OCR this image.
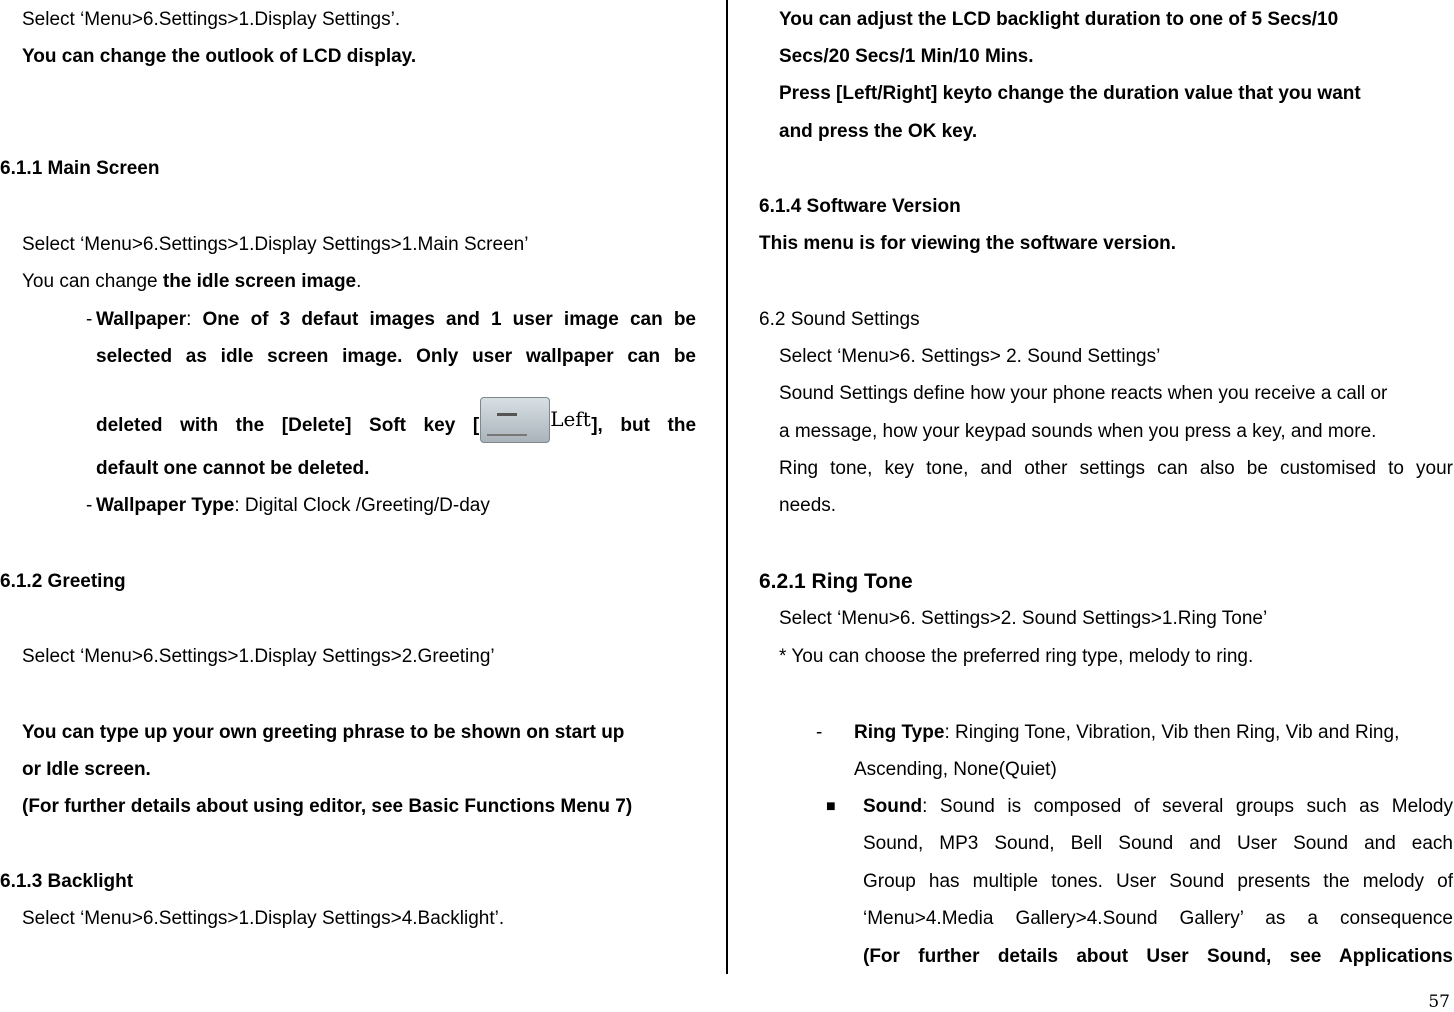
Select ‘Menu>6.Settings>1.Display Settings’.
You can change the outlook of LCD display.
6.1.1 Main Screen
Select ‘Menu>6.Settings>1.Display Settings>1.Main Screen’
You can change the idle screen image.
- Wallpaper: One of 3 defaut images and 1 user image can be
selected as idle screen image. Only user wallpaper can be
deleted with the [Delete] Soft key [	Left ], but the
default one cannot be deleted.
- Wallpaper Type: Digital Clock /Greeting/D-day
6.1.2 Greeting
Select ‘Menu>6.Settings>1.Display Settings>2.Greeting’
You can type up your own greeting phrase to be shown on start up
or Idle screen.
(For further details about using editor, see Basic Functions Menu 7)
6.1.3 Backlight
Select ‘Menu>6.Settings>1.Display Settings>4.Backlight’.
You can adjust the LCD backlight duration to one of 5 Secs/10
Secs/20 Secs/1 Min/10 Mins.
Press [Left/Right] keyto change the duration value that you want
and press the OK key.
6.1.4 Software Version
This menu is for viewing the software version.
6.2 Sound Settings
Select ‘Menu>6. Settings> 2. Sound Settings’
Sound Settings define how your phone reacts when you receive a call or
a message, how your keypad sounds when you press a key, and more.
Ring tone, key tone, and other settings can also be customised to your
needs.
6.2.1 Ring Tone
Select ‘Menu>6. Settings>2. Sound Settings>1.Ring Tone’
* You can choose the preferred ring type, melody to ring.
- Ring Type: Ringing Tone, Vibration, Vib then Ring, Vib and Ring,
Ascending, None(Quiet)
■ Sound: Sound is composed of several groups such as Melody
Sound, MP3 Sound, Bell Sound and User Sound and each
Group has multiple tones. User Sound presents the melody of
‘Menu>4.Media Gallery>4.Sound Gallery’ as a consequence
(For further details about User Sound, see Applications
57
